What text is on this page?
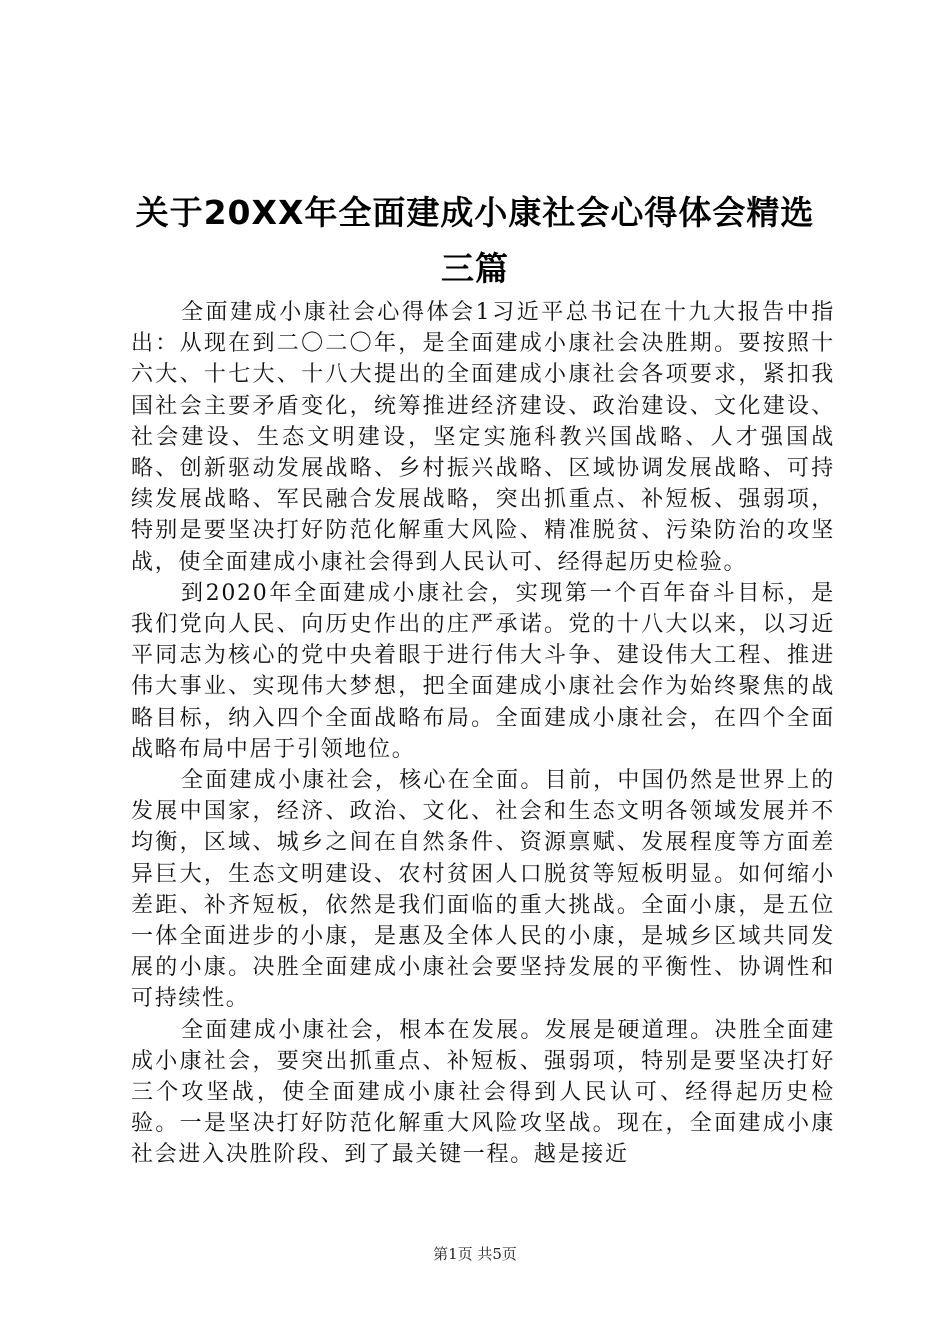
关于20XX年全面建成小康社会心得体会精选
三篇

全面建成小康社会心得体会1习近平总书记在十九大报告中指出：从现在到二〇二〇年，是全面建成小康社会决胜期。要按照十六大、十七大、十八大提出的全面建成小康社会各项要求，紧扣我国社会主要矛盾变化，统筹推进经济建设、政治建设、文化建设、社会建设、生态文明建设，坚定实施科教兴国战略、人才强国战略、创新驱动发展战略、乡村振兴战略、区域协调发展战略、可持续发展战略、军民融合发展战略，突出抓重点、补短板、强弱项，特别是要坚决打好防范化解重大风险、精准脱贫、污染防治的攻坚战，使全面建成小康社会得到人民认可、经得起历史检验。

到2020年全面建成小康社会，实现第一个百年奋斗目标，是我们党向人民、向历史作出的庄严承诺。党的十八大以来，以习近平同志为核心的党中央着眼于进行伟大斗争、建设伟大工程、推进伟大事业、实现伟大梦想，把全面建成小康社会作为始终聚焦的战略目标，纳入四个全面战略布局。全面建成小康社会，在四个全面战略布局中居于引领地位。

全面建成小康社会，核心在全面。目前，中国仍然是世界上的发展中国家，经济、政治、文化、社会和生态文明各领域发展并不均衡，区域、城乡之间在自然条件、资源禀赋、发展程度等方面差异巨大，生态文明建设、农村贫困人口脱贫等短板明显。如何缩小差距、补齐短板，依然是我们面临的重大挑战。全面小康，是五位一体全面进步的小康，是惠及全体人民的小康，是城乡区域共同发展的小康。决胜全面建成小康社会要坚持发展的平衡性、协调性和可持续性。

全面建成小康社会，根本在发展。发展是硬道理。决胜全面建成小康社会，要突出抓重点、补短板、强弱项，特别是要坚决打好三个攻坚战，使全面建成小康社会得到人民认可、经得起历史检验。一是坚决打好防范化解重大风险攻坚战。现在，全面建成小康社会进入决胜阶段、到了最关键一程。越是接近

第1页 共5页
